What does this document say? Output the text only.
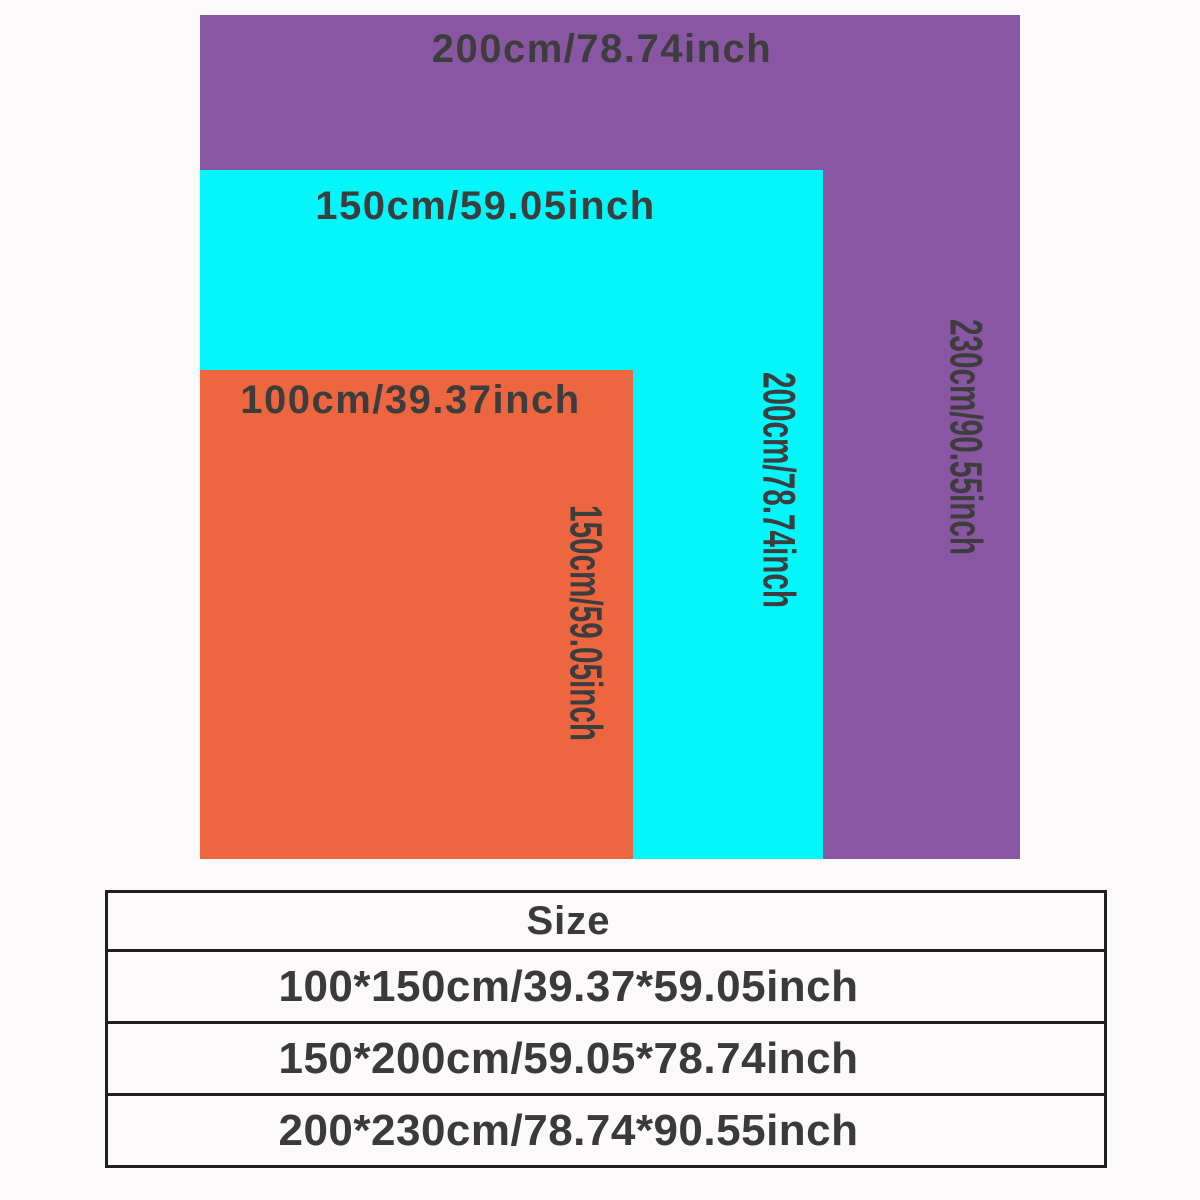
200cm/78.74inch
150cm/59.05inch
100cm/39.37inch
150cm/59.05inch
200cm/78.74inch	230cm/90.55inch
Size
100*150cm/39.37*59.05inch
150*200cm/59.05*78.74inch
200*230cm/78.74*90.55inch
